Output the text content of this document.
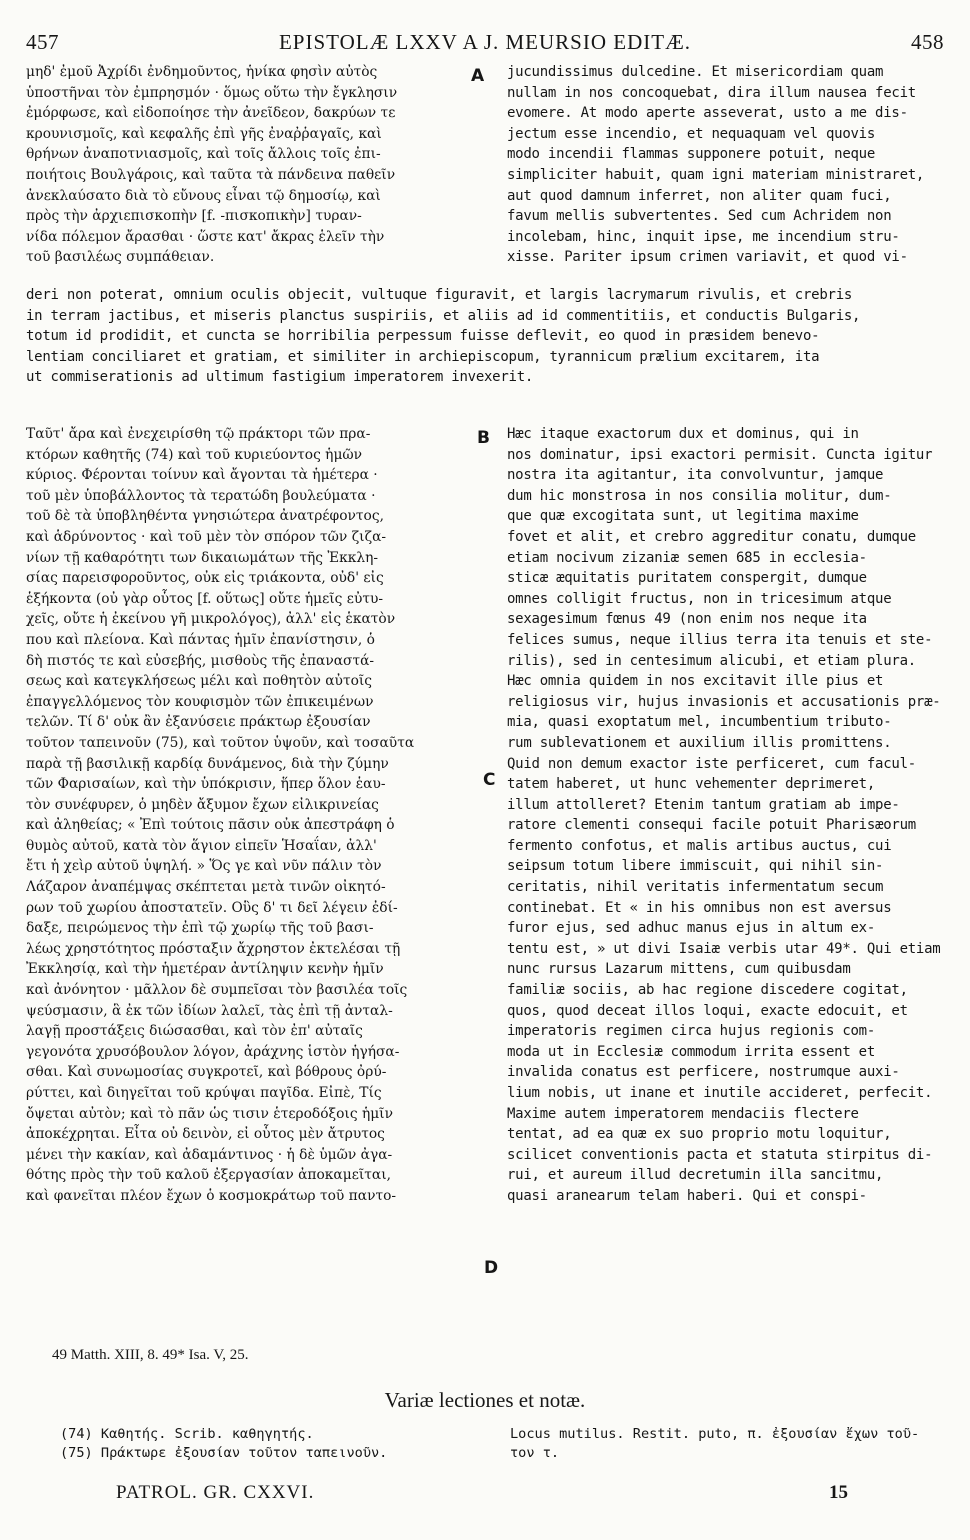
457	EPISTOLÆ LXXV A J. MEURSIO EDITÆ.	458
μηδ' ἐμοῦ Ἀχρίδι ἐνδημοῦντος, ἡνίκα φησὶν αὐτὸς
ὑποστῆναι τὸν ἐμπρησμόν · ὅμως οὕτω τὴν ἔγκλησιν
ἐμόρφωσε, καὶ εἰδοποίησε τὴν ἀνεῖδεον, δακρύων τε
κρουνισμοῖς, καὶ κεφαλῆς ἐπὶ γῆς ἐναῤῥαγαῖς, καὶ
θρήνων ἀναποτνιασμοῖς, καὶ τοῖς ἄλλοις τοῖς ἐπι-
ποιήτοις Βουλγάροις, καὶ ταῦτα τὰ πάνδεινα παθεῖν
ἀνεκλαύσατο διὰ τὸ εὔνους εἶναι τῷ δημοσίῳ, καὶ
πρὸς τὴν ἀρχιεπισκοπὴν [f. -πισκοπικὴν] τυραν-
νίδα πόλεμον ἄρασθαι · ὥστε κατ' ἄκρας ἑλεῖν τὴν
τοῦ βασιλέως συμπάθειαν.
jucundissimus dulcedine. Et misericordiam quam
nullam in nos concoquebat, dira illum nausea fecit
evomere. At modo aperte asseverat, usto a me dis-
jectum esse incendio, et nequaquam vel quovis
modo incendii flammas supponere potuit, neque
simpliciter habuit, quam igni materiam ministraret,
aut quod damnum inferret, non aliter quam fuci,
favum mellis subvertentes. Sed cum Achridem non
incolebam, hinc, inquit ipse, me incendium stru-
xisse. Pariter ipsum crimen variavit, et quod vi-
deri non poterat, omnium oculis objecit, vultuque figuravit, et largis lacrymarum rivulis, et crebris
in terram jactibus, et miseris planctus suspiriis, et aliis ad id commentitiis, et conductis Bulgaris,
totum id prodidit, et cuncta se horribilia perpessum fuisse deflevit, eo quod in præsidem benevo-
lentiam conciliaret et gratiam, et similiter in archiepiscopum, tyrannicum prælium excitarem, ita
ut commiserationis ad ultimum fastigium imperatorem invexerit.
Ταῦτ' ἄρα καὶ ἐνεχειρίσθη τῷ πράκτορι τῶν πρα-
κτόρων καθητῆς (74) καὶ τοῦ κυριεύοντος ἡμῶν
κύριος. Φέρονται τοίνυν καὶ ἄγονται τὰ ἡμέτερα ·
τοῦ μὲν ὑποβάλλοντος τὰ τερατώδη βουλεύματα ·
τοῦ δὲ τὰ ὑποβληθέντα γνησιώτερα ἀνατρέφοντος,
καὶ ἁδρύνοντος · καὶ τοῦ μὲν τὸν σπόρον τῶν ζιζα-
νίων τῇ καθαρότητι των δικαιωμάτων τῆς Ἐκκλη-
σίας παρεισφοροῦντος, οὐκ εἰς τριάκοντα, οὐδ' εἰς
ἑξήκοντα (οὐ γὰρ οὗτος [f. οὕτως] οὔτε ἡμεῖς εὐτυ-
χεῖς, οὔτε ἡ ἐκείνου γῆ μικρολόγος), ἀλλ' εἰς ἑκατὸν
που καὶ πλείονα. Καὶ πάντας ἡμῖν ἐπανίστησιν, ὁ
δὴ πιστός τε καὶ εὐσεβής, μισθοὺς τῆς ἐπαναστά-
σεως καὶ κατεγκλήσεως μέλι καὶ ποθητὸν αὐτοῖς
ἐπαγγελλόμενος τὸν κουφισμὸν τῶν ἐπικειμένων
τελῶν. Τί δ' οὐκ ἂν ἐξανύσειε πράκτωρ ἐξουσίαν
τοῦτον ταπεινοῦν (75), καὶ τοῦτον ὑψοῦν, καὶ τοσαῦτα
παρὰ τῇ βασιλικῇ καρδίᾳ δυνάμενος, διὰ τὴν ζύμην
τῶν Φαρισαίων, καὶ τὴν ὑπόκρισιν, ἥπερ ὅλον ἑαυ-
τὸν συνέφυρεν, ὁ μηδὲν ἄξυμον ἔχων εἰλικρινείας
καὶ ἀληθείας; « Ἐπὶ τούτοις πᾶσιν οὐκ ἀπεστράφη ὁ
θυμὸς αὐτοῦ, κατὰ τὸν ἅγιον εἰπεῖν Ἡσαΐαν, ἀλλ'
ἔτι ἡ χεὶρ αὐτοῦ ὑψηλή. » Ὅς γε καὶ νῦν πάλιν τὸν
Λάζαρον ἀναπέμψας σκέπτεται μετὰ τινῶν οἰκητό-
ρων τοῦ χωρίου ἀποστατεῖν. Οὓς δ' τι δεῖ λέγειν ἐδί-
δαξε, πειρώμενος τὴν ἐπὶ τῷ χωρίῳ τῆς τοῦ βασι-
λέως χρηστότητος πρόσταξιν ἄχρηστον ἐκτελέσαι τῇ
Ἐκκλησίᾳ, καὶ τὴν ἡμετέραν ἀντίληψιν κενὴν ἡμῖν
καὶ ἀνόνητον · μᾶλλον δὲ συμπεῖσαι τὸν βασιλέα τοῖς
ψεύσμασιν, ἃ ἐκ τῶν ἰδίων λαλεῖ, τὰς ἐπὶ τῇ ἀνταλ-
λαγῇ προστάξεις διώσασθαι, καὶ τὸν ἐπ' αὐταῖς
γεγονότα χρυσόβουλον λόγον, ἀράχνης ἱστὸν ἡγήσα-
σθαι. Καὶ συνωμοσίας συγκροτεῖ, καὶ βόθρους ὀρύ-
ρύττει, καὶ διηγεῖται τοῦ κρύψαι παγῖδα. Εἰπὲ, Τίς
ὄψεται αὐτὸν; καὶ τὸ πᾶν ὡς τισιν ἑτεροδόξοις ἡμῖν
ἀποκέχρηται. Εἶτα οὐ δεινὸν, εἰ οὗτος μὲν ἄτρυτος
μένει τὴν κακίαν, καὶ ἀδαμάντινος · ἡ δὲ ὑμῶν ἀγα-
θότης πρὸς τὴν τοῦ καλοῦ ἐξεργασίαν ἀποκαμεῖται,
καὶ φανεῖται πλέον ἔχων ὁ κοσμοκράτωρ τοῦ παντο-
Hæc itaque exactorum dux et dominus, qui in
nos dominatur, ipsi exactori permisit. Cuncta igitur
nostra ita agitantur, ita convolvuntur, jamque
dum hic monstrosa in nos consilia molitur, dum-
que quæ excogitata sunt, ut legitima maxime
fovet et alit, et crebro aggreditur conatu, dumque
etiam nocivum zizaniæ semen 685 in ecclesia-
sticæ æquitatis puritatem conspergit, dumque
omnes colligit fructus, non in tricesimum atque
sexagesimum fœnus 49 (non enim nos neque ita
felices sumus, neque illius terra ita tenuis et ste-
rilis), sed in centesimum alicubi, et etiam plura.
Hæc omnia quidem in nos excitavit ille pius et
religiosus vir, hujus invasionis et accusationis præ-
mia, quasi exoptatum mel, incumbentium tributo-
rum sublevationem et auxilium illis promittens.
Quid non demum exactor iste perficeret, cum facul-
tatem haberet, ut hunc vehementer deprimeret,
illum attolleret? Etenim tantum gratiam ab impe-
ratore clementi consequi facile potuit Pharisæorum
fermento confotus, et malis artibus auctus, cui
seipsum totum libere immiscuit, qui nihil sin-
ceritatis, nihil veritatis infermentatum secum
continebat. Et « in his omnibus non est aversus
furor ejus, sed adhuc manus ejus in altum ex-
tentu est, » ut divi Isaiæ verbis utar 49*. Qui etiam
nunc rursus Lazarum mittens, cum quibusdam
familiæ sociis, ab hac regione discedere cogitat,
quos, quod deceat illos loqui, exacte edocuit, et
imperatoris regimen circa hujus regionis com-
moda ut in Ecclesiæ commodum irrita essent et
invalida conatus est perficere, nostrumque auxi-
lium nobis, ut inane et inutile accideret, perfecit.
Maxime autem imperatorem mendaciis flectere
tentat, ad ea quæ ex suo proprio motu loquitur,
scilicet conventionis pacta et statuta stirpitus di-
rui, et aureum illud decretumin illa sancitmu,
quasi aranearum telam haberi. Qui et conspi-
A
B
C
D
49 Matth. XIII, 8. 49* Isa. V, 25.
Variæ lectiones et notæ.
(74) Καθητής. Scrib. καθηγητής.
(75) Πράκτωρε ἐξουσίαν τοῦτον ταπεινοῦν.
Locus mutilus. Restit. puto, π. ἐξουσίαν ἔχων τοῦ-
τον τ.
PATROL. GR. CXXVI.	15
